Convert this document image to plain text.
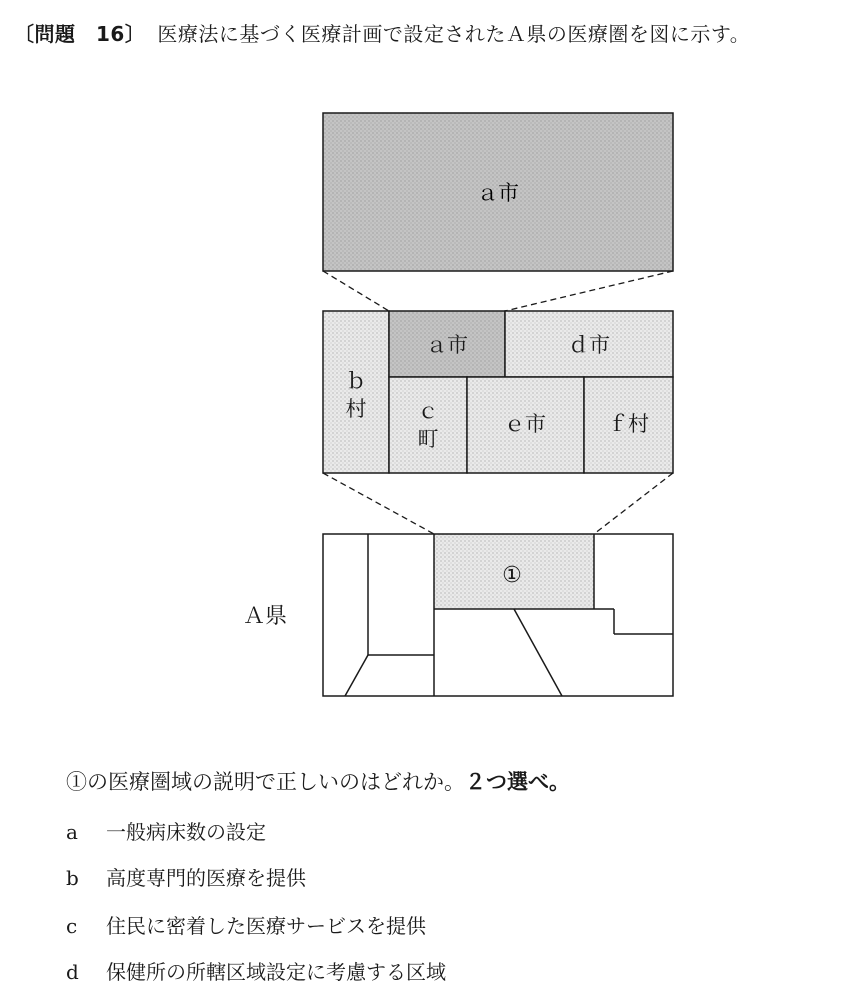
〔問題　16〕 医療法に基づく医療計画で設定されたＡ県の医療圏を図に示す。
ａ市
ａ市	ｄ市
ｂ
村 ｃ
町
ｅ市	ｆ村
①
Ａ県
①の医療圏域の説明で正しいのはどれか。２つ選べ。
a 一般病床数の設定
b 高度専門的医療を提供
c 住民に密着した医療サービスを提供
d 保健所の所轄区域設定に考慮する区域
